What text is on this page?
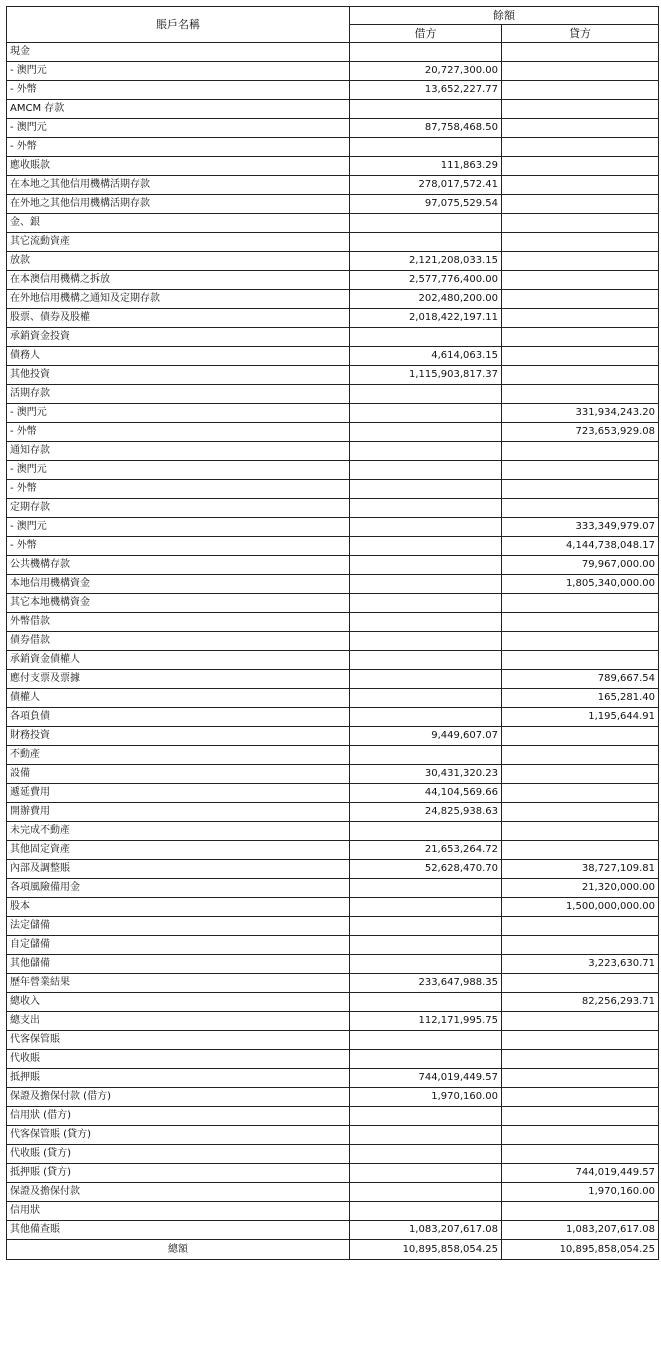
賬戶名稱	餘額	
	借方	貸方
現金		
- 澳門元	20,727,300.00	
- 外幣	13,652,227.77	
AMCM 存款		
- 澳門元	87,758,468.50	
- 外幣		
應收賬款	111,863.29	
在本地之其他信用機構活期存款	278,017,572.41	
在外地之其他信用機構活期存款	97,075,529.54	
金、銀		
其它流動資產		
放款	2,121,208,033.15	
在本澳信用機構之拆放	2,577,776,400.00	
在外地信用機構之通知及定期存款	202,480,200.00	
股票、債券及股權	2,018,422,197.11	
承銷資金投資		
債務人	4,614,063.15	
其他投資	1,115,903,817.37	
活期存款		
- 澳門元		331,934,243.20
- 外幣		723,653,929.08
通知存款		
- 澳門元		
- 外幣		
定期存款		
- 澳門元		333,349,979.07
- 外幣		4,144,738,048.17
公共機構存款		79,967,000.00
本地信用機構資金		1,805,340,000.00
其它本地機構資金		
外幣借款		
債券借款		
承銷資金債權人		
應付支票及票據		789,667.54
債權人		165,281.40
各項負債		1,195,644.91
財務投資	9,449,607.07	
不動產		
設備	30,431,320.23	
遞延費用	44,104,569.66	
開辦費用	24,825,938.63	
未完成不動產		
其他固定資產	21,653,264.72	
內部及調整賬	52,628,470.70	38,727,109.81
各項風險備用金		21,320,000.00
股本		1,500,000,000.00
法定儲備		
自定儲備		
其他儲備		3,223,630.71
歷年營業結果	233,647,988.35	
總收入		82,256,293.71
總支出	112,171,995.75	
代客保管賬		
代收賬		
抵押賬	744,019,449.57	
保證及擔保付款 (借方)	1,970,160.00	
信用狀 (借方)		
代客保管賬 (貸方)		
代收賬 (貸方)		
抵押賬 (貸方)		744,019,449.57
保證及擔保付款		1,970,160.00
信用狀		
其他備查賬	1,083,207,617.08	1,083,207,617.08
總額	10,895,858,054.25	10,895,858,054.25
